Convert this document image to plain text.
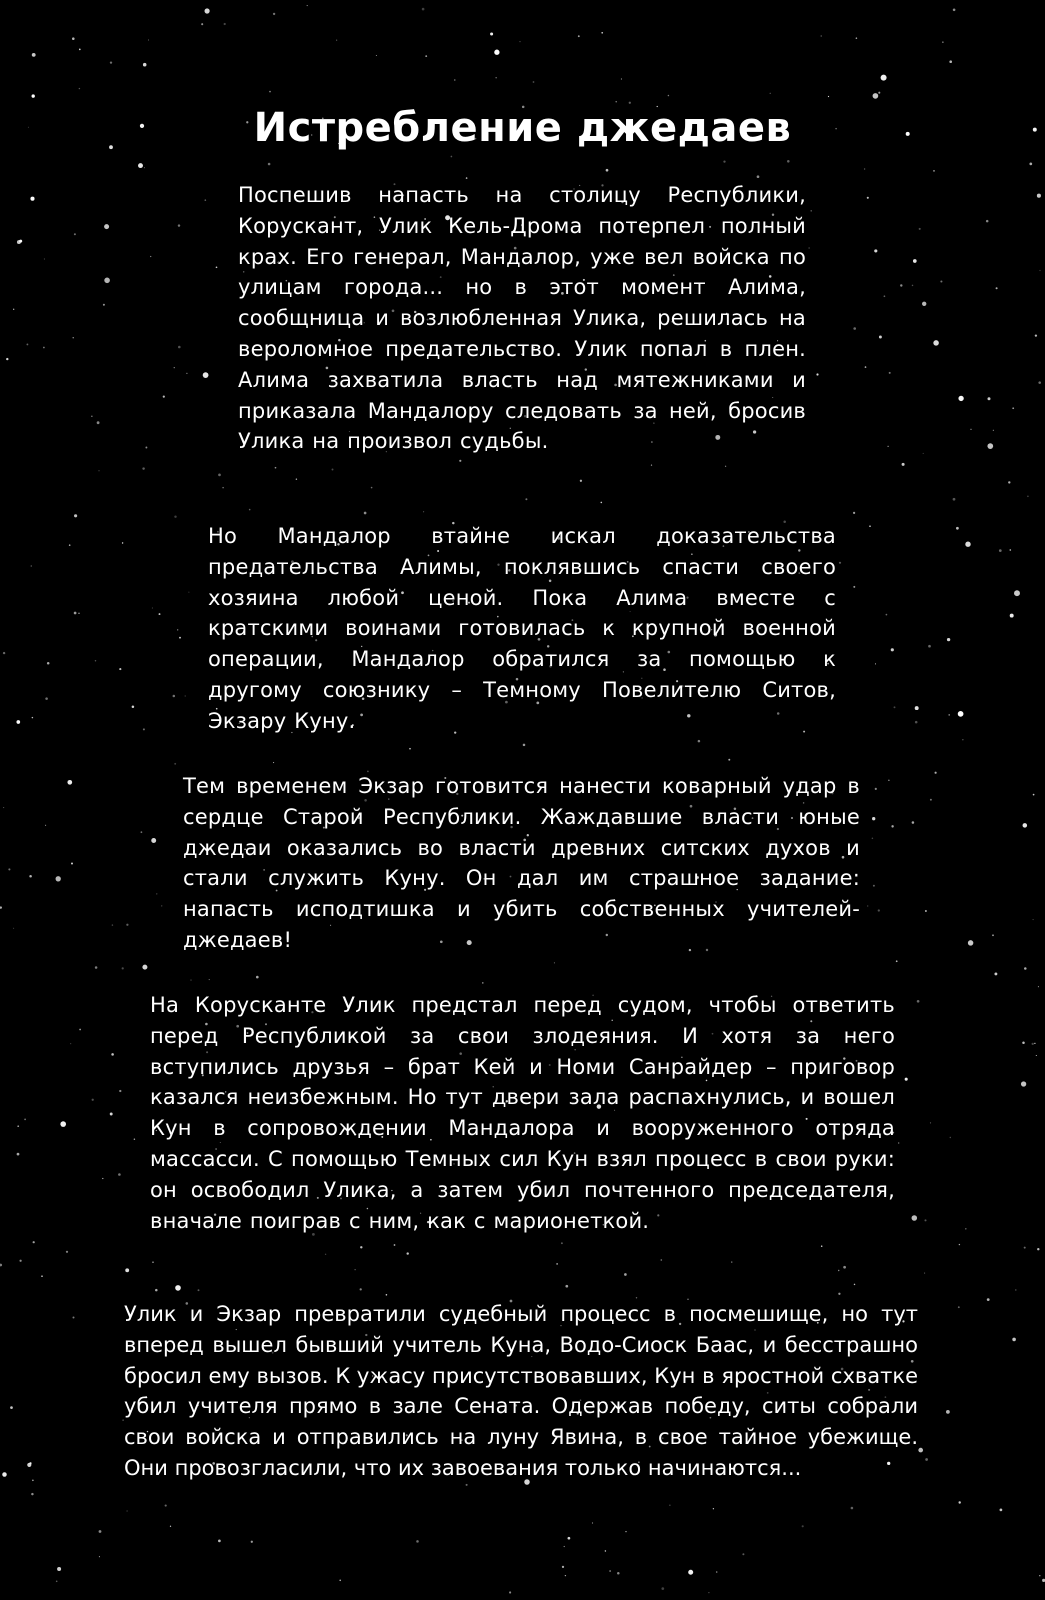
Истребление джедаев

Поспешив напасть на столицу Республики, Корускант, Улик Кель-Дрома потерпел полный крах. Его генерал, Мандалор, уже вел войска по улицам города... но в этот момент Алима, сообщница и возлюбленная Улика, решилась на вероломное предательство. Улик попал в плен. Алима захватила власть над мятежниками и приказала Мандалору следовать за ней, бросив Улика на произвол судьбы.

Но Мандалор втайне искал доказательства предательства Алимы, поклявшись спасти своего хозяина любой ценой. Пока Алима вместе с кратскими воинами готовилась к крупной военной операции, Мандалор обратился за помощью к другому союзнику – Темному Повелителю Ситов, Экзару Куну.

Тем временем Экзар готовится нанести коварный удар в сердце Старой Республики. Жаждавшие власти юные джедаи оказались во власти древних ситских духов и стали служить Куну. Он дал им страшное задание: напасть исподтишка и убить собственных учителей-джедаев!

На Корусканте Улик предстал перед судом, чтобы ответить перед Республикой за свои злодеяния. И хотя за него вступились друзья – брат Кей и Номи Санрайдер – приговор казался неизбежным. Но тут двери зала распахнулись, и вошел Кун в сопровождении Мандалора и вооруженного отряда массасси. С помощью Темных сил Кун взял процесс в свои руки: он освободил Улика, а затем убил почтенного председателя, вначале поиграв с ним, как с марионеткой.

Улик и Экзар превратили судебный процесс в посмешище, но тут вперед вышел бывший учитель Куна, Водо-Сиоск Баас, и бесстрашно бросил ему вызов. К ужасу присутствовавших, Кун в яростной схватке убил учителя прямо в зале Сената. Одержав победу, ситы собрали свои войска и отправились на луну Явина, в свое тайное убежище. Они провозгласили, что их завоевания только начинаются...
